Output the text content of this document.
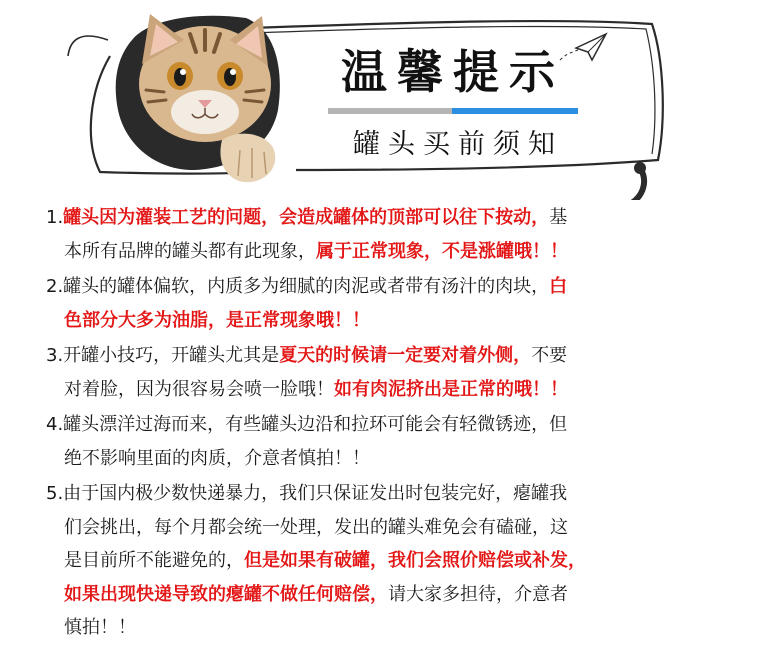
温馨提示
罐头买前须知
1.罐头因为灌装工艺的问题，会造成罐体的顶部可以往下按动，基
本所有品牌的罐头都有此现象，属于正常现象，不是涨罐哦！！
2.罐头的罐体偏软，内质多为细腻的肉泥或者带有汤汁的肉块，白
色部分大多为油脂，是正常现象哦！！
3.开罐小技巧，开罐头尤其是夏天的时候请一定要对着外侧，不要
对着脸，因为很容易会喷一脸哦！如有肉泥挤出是正常的哦！！
4.罐头漂洋过海而来，有些罐头边沿和拉环可能会有轻微锈迹，但
绝不影响里面的肉质，介意者慎拍！！
5.由于国内极少数快递暴力，我们只保证发出时包装完好，瘪罐我
们会挑出，每个月都会统一处理，发出的罐头难免会有磕碰，这
是目前所不能避免的，但是如果有破罐，我们会照价赔偿或补发，
如果出现快递导致的瘪罐不做任何赔偿，请大家多担待，介意者
慎拍！！
